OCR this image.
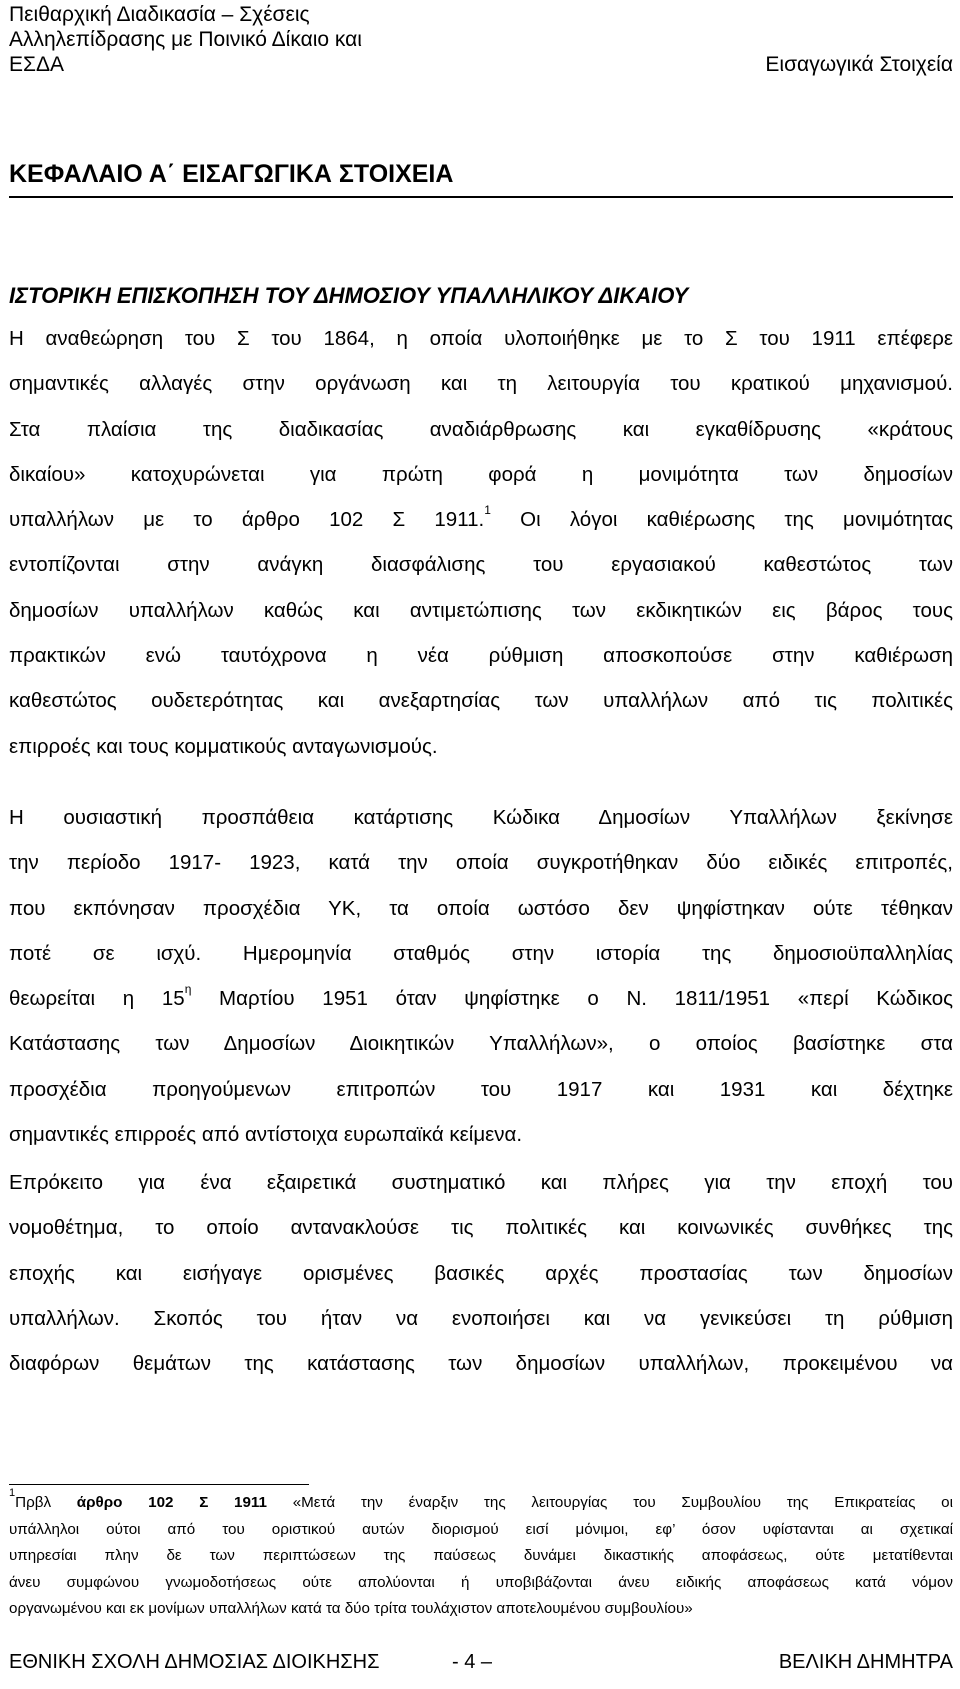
Πειθαρχική Διαδικασία – Σχέσεις
Αλληλεπίδρασης με Ποινικό Δίκαιο και
ΕΣΔΑ	Εισαγωγικά Στοιχεία
ΚΕΦΑΛΑΙΟ Α΄ ΕΙΣΑΓΩΓΙΚΑ ΣΤΟΙΧΕΙΑ
ΙΣΤΟΡΙΚΗ ΕΠΙΣΚΟΠΗΣΗ ΤΟΥ ΔΗΜΟΣΙΟΥ ΥΠΑΛΛΗΛΙΚΟΥ ΔΙΚΑΙΟΥ
Η αναθεώρηση του Σ του 1864, η οποία υλοποιήθηκε με το Σ του 1911 επέφερε
σημαντικές αλλαγές στην οργάνωση και τη λειτουργία του κρατικού μηχανισμού.
Στα πλαίσια της διαδικασίας αναδιάρθρωσης και εγκαθίδρυσης «κράτους
δικαίου» κατοχυρώνεται για πρώτη φορά η μονιμότητα των δημοσίων
υπαλλήλων με το άρθρο 102 Σ 1911.$^1$ Οι λόγοι καθιέρωσης της μονιμότητας
εντοπίζονται στην ανάγκη διασφάλισης του εργασιακού καθεστώτος των
δημοσίων υπαλλήλων καθώς και αντιμετώπισης των εκδικητικών εις βάρος τους
πρακτικών ενώ ταυτόχρονα η νέα ρύθμιση αποσκοπούσε στην καθιέρωση
καθεστώτος ουδετερότητας και ανεξαρτησίας των υπαλλήλων από τις πολιτικές
επιρροές και τους κομματικούς ανταγωνισμούς.
Η ουσιαστική προσπάθεια κατάρτισης Κώδικα Δημοσίων Υπαλλήλων ξεκίνησε
την περίοδο 1917- 1923, κατά την οποία συγκροτήθηκαν δύο ειδικές επιτροπές,
που εκπόνησαν προσχέδια ΥΚ, τα οποία ωστόσο δεν ψηφίστηκαν ούτε τέθηκαν
ποτέ σε ισχύ. Ημερομηνία σταθμός στην ιστορία της δημοσιοϋπαλληλίας
θεωρείται η $15^\eta$ Μαρτίου 1951 όταν ψηφίστηκε ο Ν. 1811/1951 «περί Κώδικος
Κατάστασης των Δημοσίων Διοικητικών Υπαλλήλων», ο οποίος βασίστηκε στα
προσχέδια προηγούμενων επιτροπών του 1917 και 1931 και δέχτηκε
σημαντικές επιρροές από αντίστοιχα ευρωπαϊκά κείμενα.
Επρόκειτο για ένα εξαιρετικά συστηματικό και πλήρες για την εποχή του
νομοθέτημα, το οποίο αντανακλούσε τις πολιτικές και κοινωνικές συνθήκες της
εποχής και εισήγαγε ορισμένες βασικές αρχές προστασίας των δημοσίων
υπαλλήλων. Σκοπός του ήταν να ενοποιήσει και να γενικεύσει τη ρύθμιση
διαφόρων θεμάτων της κατάστασης των δημοσίων υπαλλήλων, προκειμένου να
$^1$Πρβλ άρθρο 102 Σ 1911 «Μετά την έναρξιν της λειτουργίας του Συμβουλίου της Επικρατείας οι
υπάλληλοι ούτοι από του οριστικού αυτών διορισμού εισί μόνιμοι, εφ’ όσον υφίστανται αι σχετικαί
υπηρεσίαι πλην δε των περιπτώσεων της παύσεως δυνάμει δικαστικής αποφάσεως, ούτε μετατίθενται
άνευ συμφώνου γνωμοδοτήσεως ούτε απολύονται ή υποβιβάζονται άνευ ειδικής αποφάσεως κατά νόμον
οργανωμένου και εκ μονίμων υπαλλήλων κατά τα δύο τρίτα τουλάχιστον αποτελουμένου συμβουλίου»
ΕΘΝΙΚΗ ΣΧΟΛΗ ΔΗΜΟΣΙΑΣ ΔΙΟΙΚΗΣΗΣ	- 4 –	ΒΕΛΙΚΗ ΔΗΜΗΤΡΑ
